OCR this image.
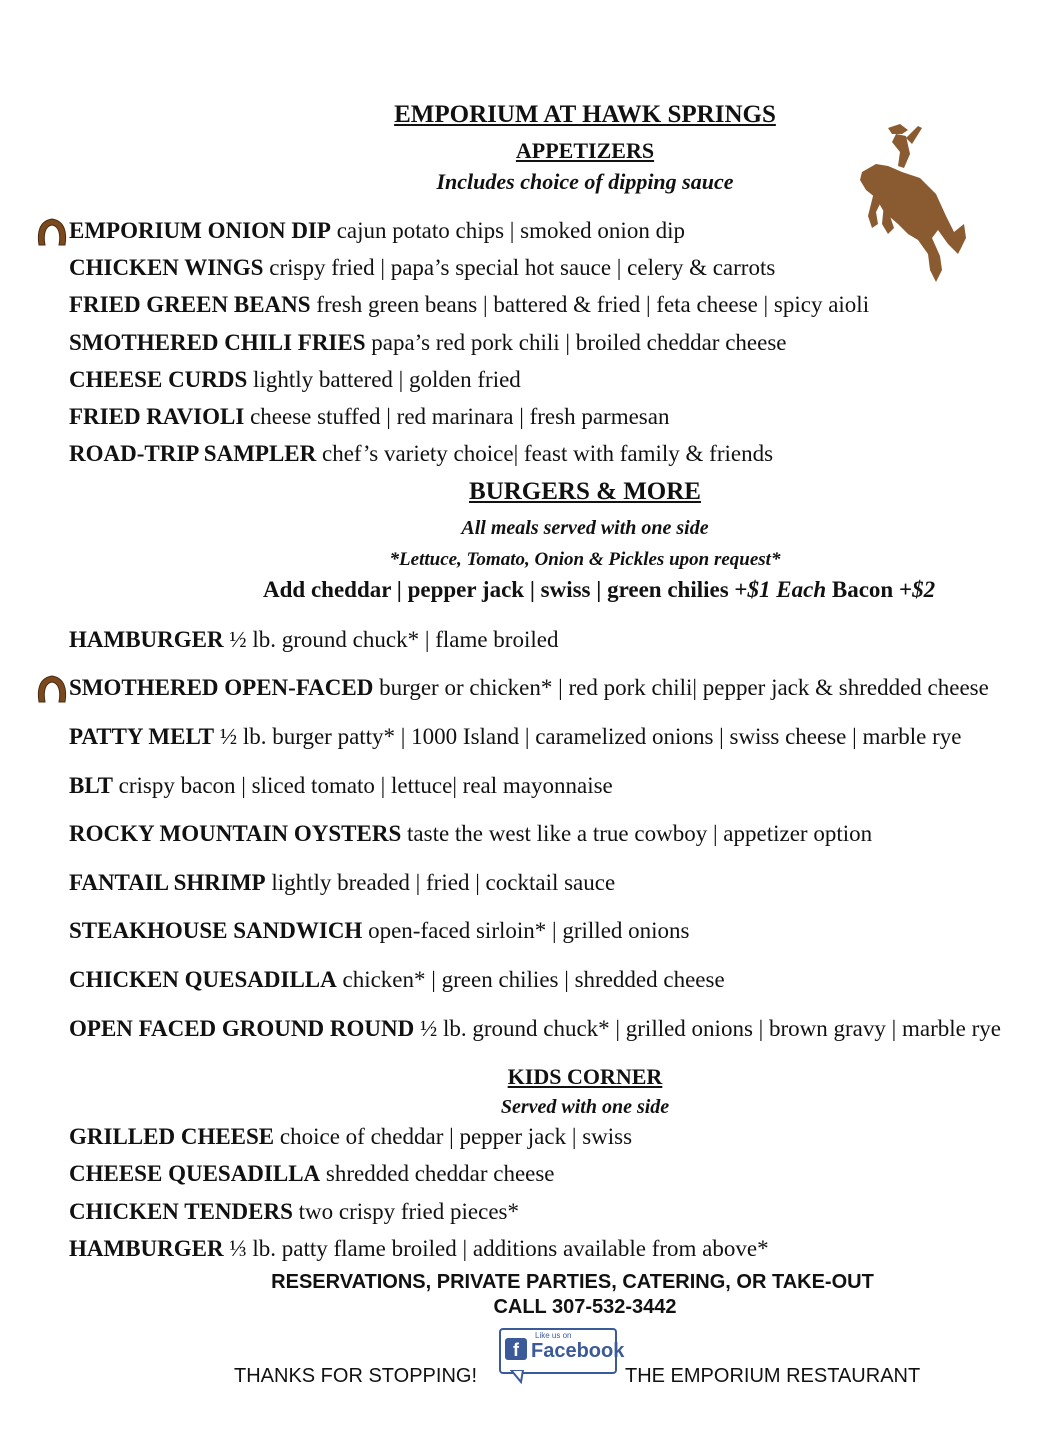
EMPORIUM AT HAWK SPRINGS
APPETIZERS
Includes choice of dipping sauce
EMPORIUM ONION DIP cajun potato chips | smoked onion dip
CHICKEN WINGS crispy fried | papa’s special hot sauce | celery & carrots
FRIED GREEN BEANS fresh green beans | battered & fried | feta cheese | spicy aioli
SMOTHERED CHILI FRIES papa’s red pork chili | broiled cheddar cheese
CHEESE CURDS lightly battered | golden fried
FRIED RAVIOLI cheese stuffed | red marinara | fresh parmesan
ROAD-TRIP SAMPLER chef’s variety choice| feast with family & friends
BURGERS & MORE
All meals served with one side
*Lettuce, Tomato, Onion & Pickles upon request*
Add cheddar | pepper jack | swiss | green chilies +$1 Each Bacon +$2
HAMBURGER ½ lb. ground chuck* | flame broiled
SMOTHERED OPEN-FACED burger or chicken* | red pork chili| pepper jack & shredded cheese
PATTY MELT ½ lb. burger patty* | 1000 Island | caramelized onions | swiss cheese | marble rye
BLT crispy bacon | sliced tomato | lettuce| real mayonnaise
ROCKY MOUNTAIN OYSTERS taste the west like a true cowboy | appetizer option
FANTAIL SHRIMP lightly breaded | fried | cocktail sauce
STEAKHOUSE SANDWICH open-faced sirloin* | grilled onions
CHICKEN QUESADILLA chicken* | green chilies | shredded cheese
OPEN FACED GROUND ROUND ½ lb. ground chuck* | grilled onions | brown gravy | marble rye
KIDS CORNER
Served with one side
GRILLED CHEESE choice of cheddar | pepper jack | swiss
CHEESE QUESADILLA shredded cheddar cheese
CHICKEN TENDERS two crispy fried pieces*
HAMBURGER ⅓ lb. patty flame broiled | additions available from above*
RESERVATIONS, PRIVATE PARTIES, CATERING, OR TAKE-OUT
CALL 307-532-3442
THANKS FOR STOPPING!
f
Like us on
Facebook
THE EMPORIUM RESTAURANT
